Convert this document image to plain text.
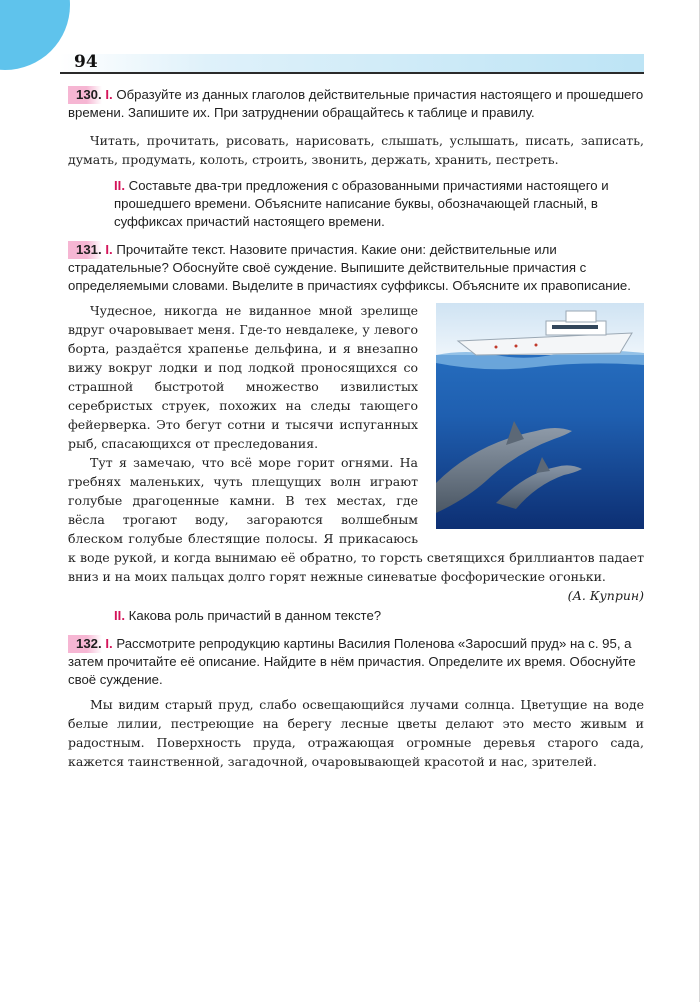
94

130. I. Образуйте из данных глаголов действительные причастия настоящего и прошедшего времени. Запишите их. При затруднении обращайтесь к таблице и правилу.

Читать, прочитать, рисовать, нарисовать, слышать, услышать, писать, записать, думать, продумать, колоть, строить, звонить, держать, хранить, пестреть.

II. Составьте два-три предложения с образованными причастиями настоящего и прошедшего времени. Объясните написание буквы, обозначающей гласный, в суффиксах причастий настоящего времени.

131. I. Прочитайте текст. Назовите причастия. Какие они: действительные или страдательные? Обоснуйте своё суждение. Выпишите действительные причастия с определяемыми словами. Выделите в причастиях суффиксы. Объясните их правописание.

Чудесное, никогда не виданное мной зрелище вдруг очаровывает меня. Где-то невдалеке, у левого борта, раздаётся храпенье дельфина, и я внезапно вижу вокруг лодки и под лодкой проносящихся со страшной быстротой множество извилистых серебристых струек, похожих на следы тающего фейерверка. Это бегут сотни и тысячи испуганных рыб, спасающихся от преследования.

Тут я замечаю, что всё море горит огнями. На гребнях маленьких, чуть плещущих волн играют голубые драгоценные камни. В тех местах, где вёсла трогают воду, загораются волшебным блеском голубые блестящие полосы. Я прикасаюсь к воде рукой, и когда вынимаю её обратно, то горсть светящихся бриллиантов падает вниз и на моих пальцах долго горят нежные синеватые фосфорические огоньки.

(А. Куприн)

II. Какова роль причастий в данном тексте?

132. I. Рассмотрите репродукцию картины Василия Поленова «Заросший пруд» на с. 95, а затем прочитайте её описание. Найдите в нём причастия. Определите их время. Обоснуйте своё суждение.

Мы видим старый пруд, слабо освещающийся лучами солнца. Цветущие на воде белые лилии, пестреющие на берегу лесные цветы делают это место живым и радостным. Поверхность пруда, отражающая огромные деревья старого сада, кажется таинственной, загадочной, очаровывающей красотой и нас, зрителей.
